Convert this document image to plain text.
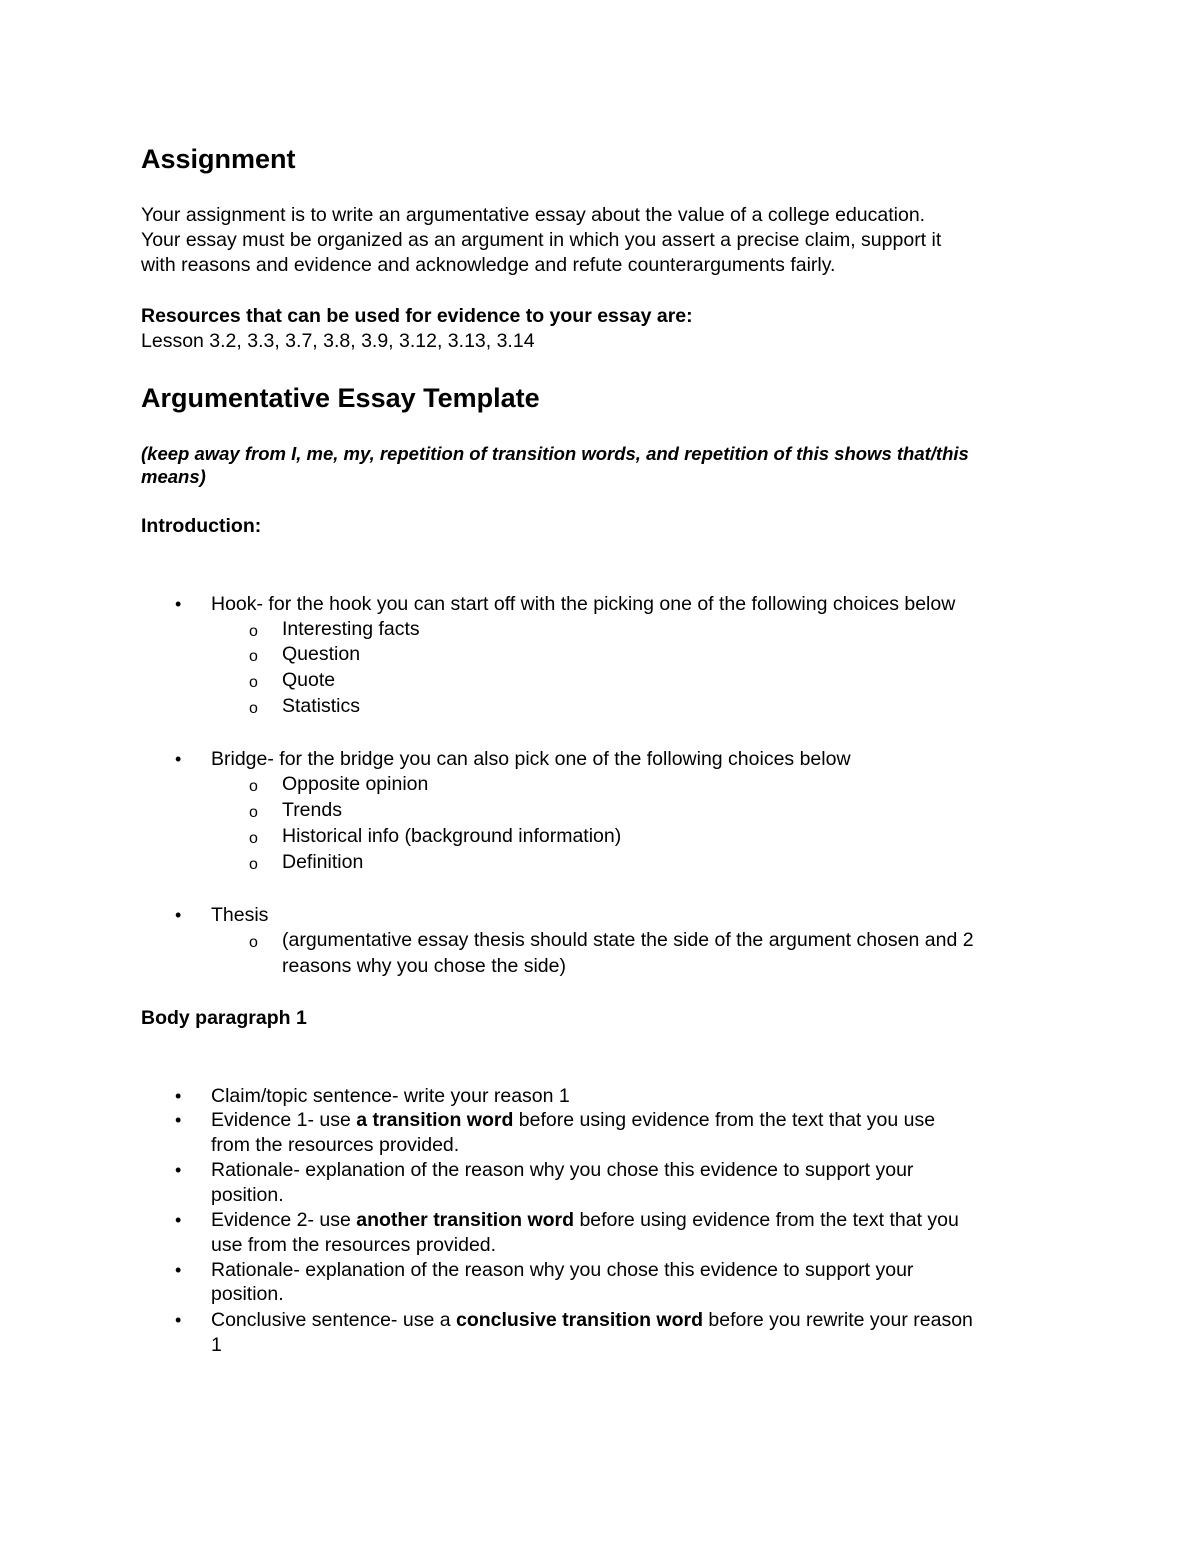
Assignment
Your assignment is to write an argumentative essay about the value of a college education.
Your essay must be organized as an argument in which you assert a precise claim, support it
with reasons and evidence and acknowledge and refute counterarguments fairly.
Resources that can be used for evidence to your essay are:
Lesson 3.2, 3.3, 3.7, 3.8, 3.9, 3.12, 3.13, 3.14
Argumentative Essay Template
(keep away from I, me, my, repetition of transition words, and repetition of this shows that/this
means)
Introduction:
• Hook- for the hook you can start off with the picking one of the following choices below
o Interesting facts
o Question
o Quote
o Statistics
• Bridge- for the bridge you can also pick one of the following choices below
o Opposite opinion
o Trends
o Historical info (background information)
o Definition
• Thesis
o (argumentative essay thesis should state the side of the argument chosen and 2
reasons why you chose the side)
Body paragraph 1
• Claim/topic sentence- write your reason 1
• Evidence 1- use a transition word before using evidence from the text that you use
from the resources provided.
• Rationale- explanation of the reason why you chose this evidence to support your
position.
• Evidence 2- use another transition word before using evidence from the text that you
use from the resources provided.
• Rationale- explanation of the reason why you chose this evidence to support your
position.
• Conclusive sentence- use a conclusive transition word before you rewrite your reason
1
